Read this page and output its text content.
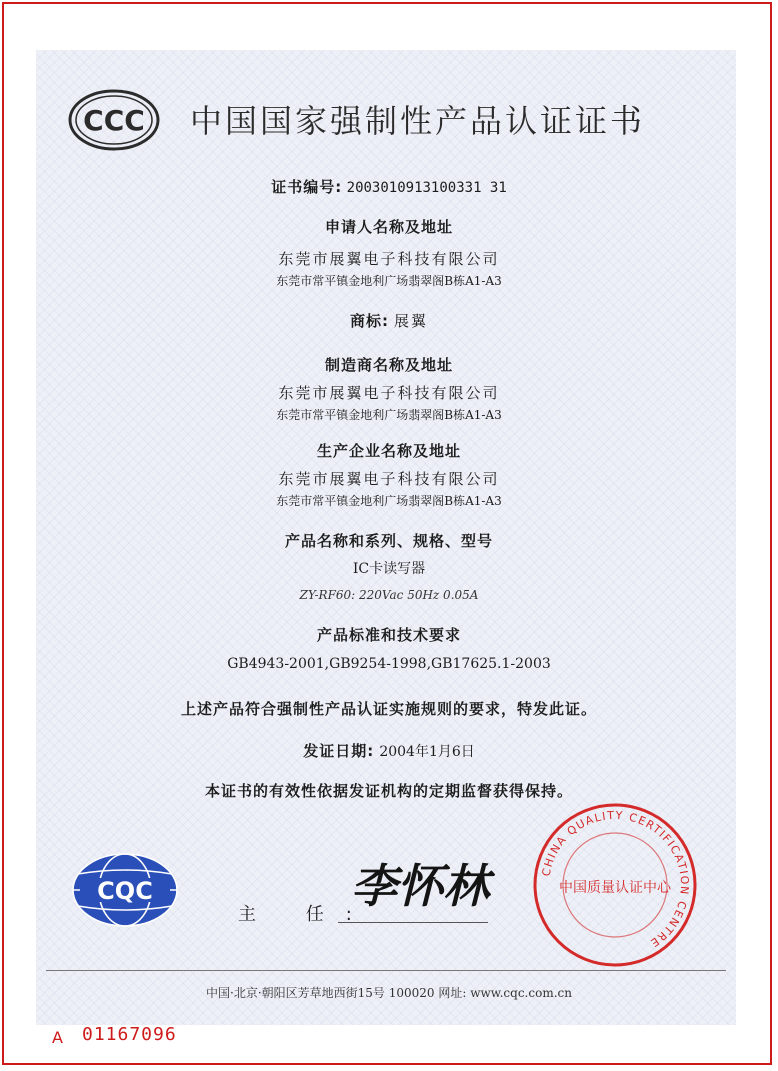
CCC 中国国家强制性产品认证证书
证书编号: 2003010913100331 31
申请人名称及地址
东莞市展翼电子科技有限公司
东莞市常平镇金地利广场翡翠阁B栋A1-A3
商标: 展翼
制造商名称及地址
东莞市展翼电子科技有限公司
东莞市常平镇金地利广场翡翠阁B栋A1-A3
生产企业名称及地址
东莞市展翼电子科技有限公司
东莞市常平镇金地利广场翡翠阁B栋A1-A3
产品名称和系列、规格、型号
IC卡读写器
ZY-RF60: 220Vac 50Hz 0.05A
产品标准和技术要求
GB4943-2001,GB9254-1998,GB17625.1-2003
上述产品符合强制性产品认证实施规则的要求，特发此证。
发证日期: 2004年1月6日
本证书的有效性依据发证机构的定期监督获得保持。
CQC
主 任:
李怀林	CHINA QUALITY CERTIFICATION CENTRE
中国质量认证中心
中国·北京·朝阳区芳草地西街15号 100020 网址: www.cqc.com.cn
A 01167096
